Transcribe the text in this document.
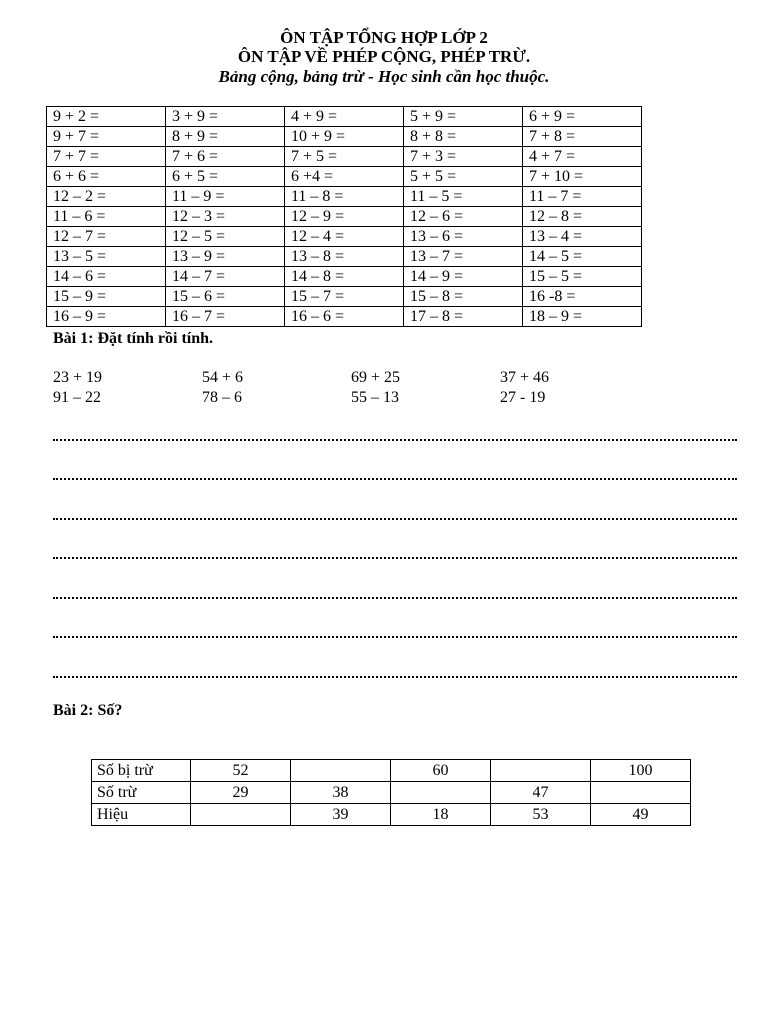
ÔN TẬP TỔNG HỢP LỚP 2
ÔN TẬP VỀ PHÉP CỘNG, PHÉP TRỪ.
Bảng cộng, bảng trừ - Học sinh cần học thuộc.
9 + 2 =	3 + 9 =	4 + 9 =	5 + 9 =	6 + 9 =
9 + 7 =	8 + 9 =	10 + 9 =	8 + 8 =	7 + 8 =
7 + 7 =	7 + 6 =	7 + 5 =	7 + 3 =	4 + 7 =
6 + 6 =	6 + 5 =	6 +4 =	5 + 5 =	7 + 10 =
12 – 2 =	11 – 9 =	11 – 8 =	11 – 5 =	11 – 7 =
11 – 6 =	12 – 3 =	12 – 9 =	12 – 6 =	12 – 8 =
12 – 7 =	12 – 5 =	12 – 4 =	13 – 6 =	13 – 4 =
13 – 5 =	13 – 9 =	13 – 8 =	13 – 7 =	14 – 5 =
14 – 6 =	14 – 7 =	14 – 8 =	14 – 9 =	15 – 5 =
15 – 9 =	15 – 6 =	15 – 7 =	15 – 8 =	16 -8 =
16 – 9 =	16 – 7 =	16 – 6 =	17 – 8 =	18 – 9 =
Bài 1: Đặt tính rồi tính.
23 + 19	54 + 6	69 + 25	37 + 46
91 – 22	78 – 6	55 – 13	27 - 19
Bài 2: Số?
Số bị trừ	52		60		100
Số trừ	29	38		47	
Hiệu		39	18	53	49
